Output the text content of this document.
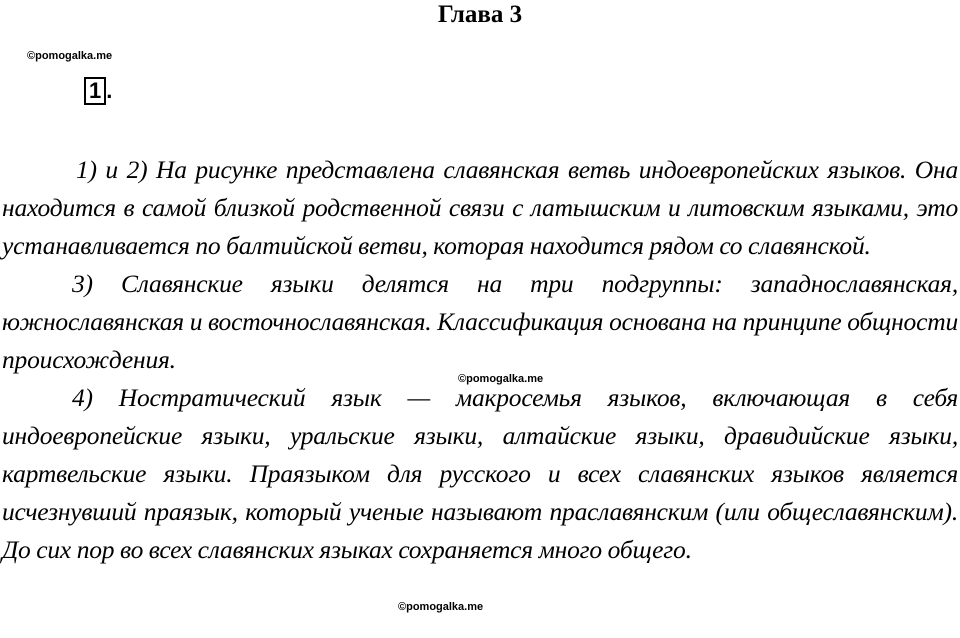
Глава 3
©pomogalka.me
1 .

1) и 2) На рисунке представлена славянская ветвь индоевропейских языков. Она находится в самой близкой родственной связи с латышским и литовским языками, это устанавливается по балтийской ветви, которая находится рядом со славянской.

3) Славянские языки делятся на три подгруппы: западнославянская, южнославянская и восточнославянская. Классификация основана на принципе общности происхождения.

4) Ностратический язык — макросемья языков, включающая в себя индоевропейские языки, уральские языки, алтайские языки, дравидийские языки, картвельские языки. Праязыком для русского и всех славянских языков является исчезнувший праязык, который ученые называют праславянским (или общеславянским). До сих пор во всех славянских языках сохраняется много общего.

©pomogalka.me
©pomogalka.me
